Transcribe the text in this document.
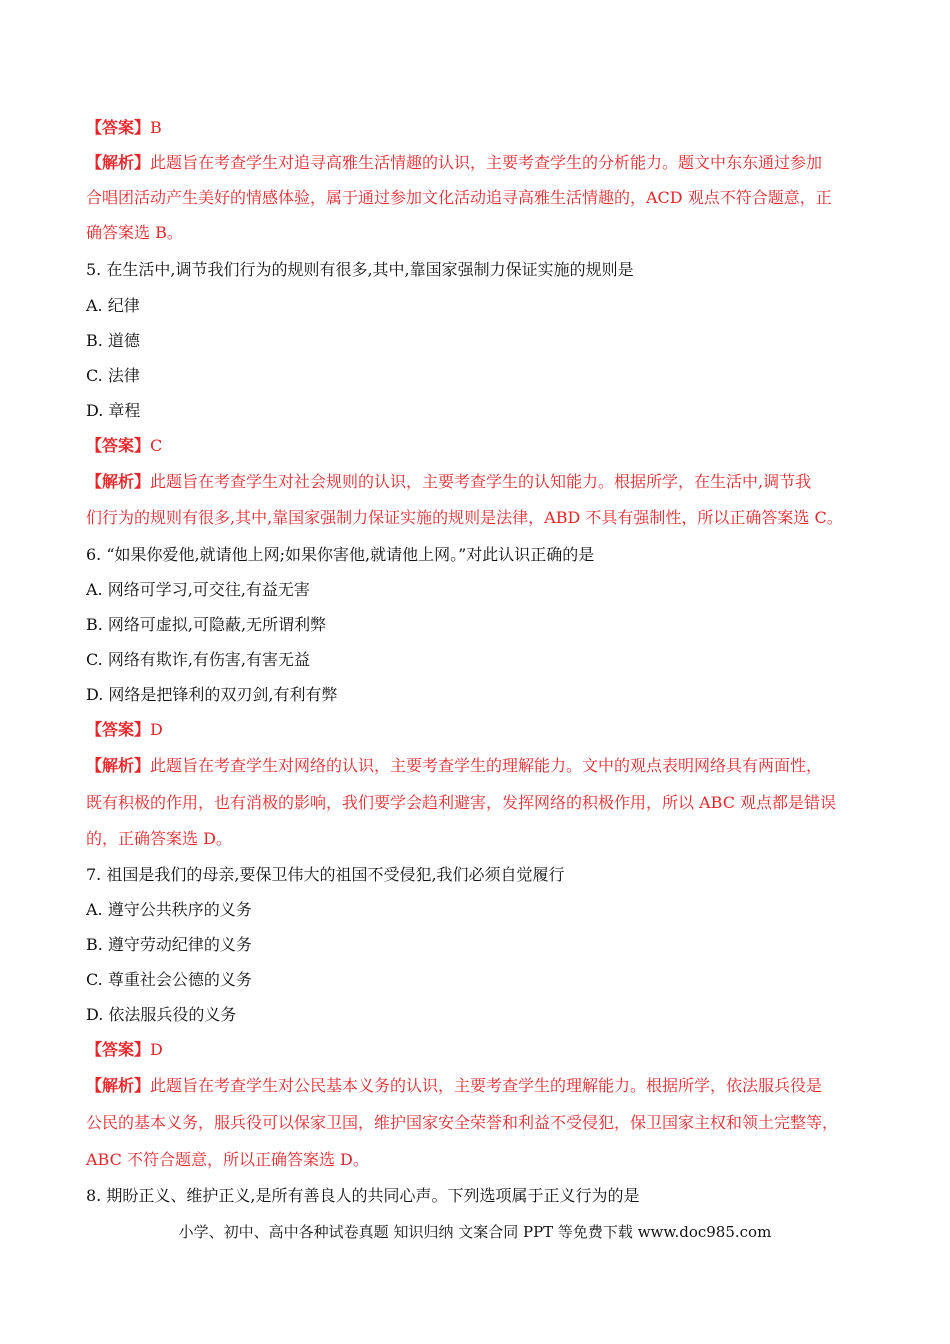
【答案】B
【解析】此题旨在考查学生对追寻高雅生活情趣的认识，主要考查学生的分析能力。题文中东东通过参加
合唱团活动产生美好的情感体验，属于通过参加文化活动追寻高雅生活情趣的，ACD 观点不符合题意，正
确答案选 B。
5. 在生活中,调节我们行为的规则有很多,其中,靠国家强制力保证实施的规则是
A. 纪律
B. 道德
C. 法律
D. 章程
【答案】C
【解析】此题旨在考查学生对社会规则的认识，主要考查学生的认知能力。根据所学，在生活中,调节我
们行为的规则有很多,其中,靠国家强制力保证实施的规则是法律，ABD 不具有强制性，所以正确答案选 C。
6. “如果你爱他,就请他上网;如果你害他,就请他上网。”对此认识正确的是
A. 网络可学习,可交往,有益无害
B. 网络可虚拟,可隐蔽,无所谓利弊
C. 网络有欺诈,有伤害,有害无益
D. 网络是把锋利的双刃剑,有利有弊
【答案】D
【解析】此题旨在考查学生对网络的认识，主要考查学生的理解能力。文中的观点表明网络具有两面性，
既有积极的作用，也有消极的影响，我们要学会趋利避害，发挥网络的积极作用，所以 ABC 观点都是错误
的，正确答案选 D。
7. 祖国是我们的母亲,要保卫伟大的祖国不受侵犯,我们必须自觉履行
A. 遵守公共秩序的义务
B. 遵守劳动纪律的义务
C. 尊重社会公德的义务
D. 依法服兵役的义务
【答案】D
【解析】此题旨在考查学生对公民基本义务的认识，主要考查学生的理解能力。根据所学，依法服兵役是
公民的基本义务，服兵役可以保家卫国，维护国家安全荣誉和利益不受侵犯，保卫国家主权和领土完整等，
ABC 不符合题意，所以正确答案选 D。
8. 期盼正义、维护正义,是所有善良人的共同心声。下列选项属于正义行为的是
小学、初中、高中各种试卷真题 知识归纳 文案合同 PPT 等免费下载 www.doc985.com
